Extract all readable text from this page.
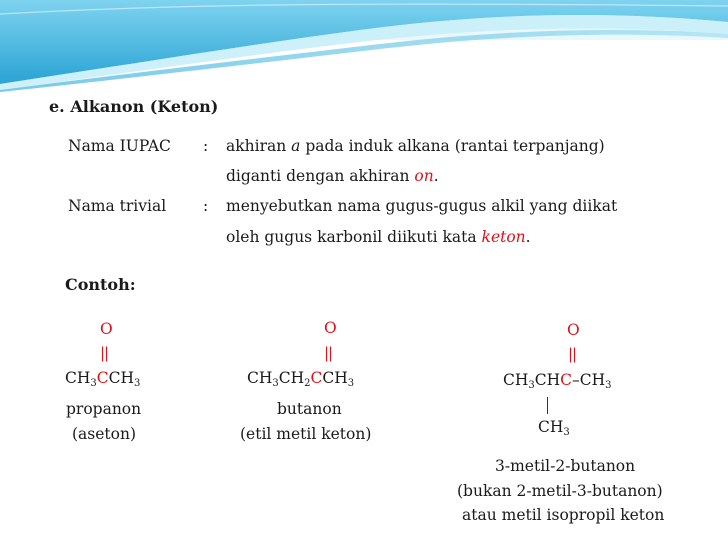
e. Alkanon (Keton)
Nama IUPAC : akhiran a pada induk alkana (rantai terpanjang)
diganti dengan akhiran on.
Nama trivial : menyebutkan nama gugus-gugus alkil yang diikat
oleh gugus karbonil diikuti kata keton.
Contoh:
O
||
$CH_3CCH_3$
propanon
(aseton)
O
||
$CH_3CH_2CCH_3$
butanon
(etil metil keton)
O
||
$CH_3CHC-CH_3$
$CH_3$
3-metil-2-butanon
(bukan 2-metil-3-butanon)
atau metil isopropil keton
